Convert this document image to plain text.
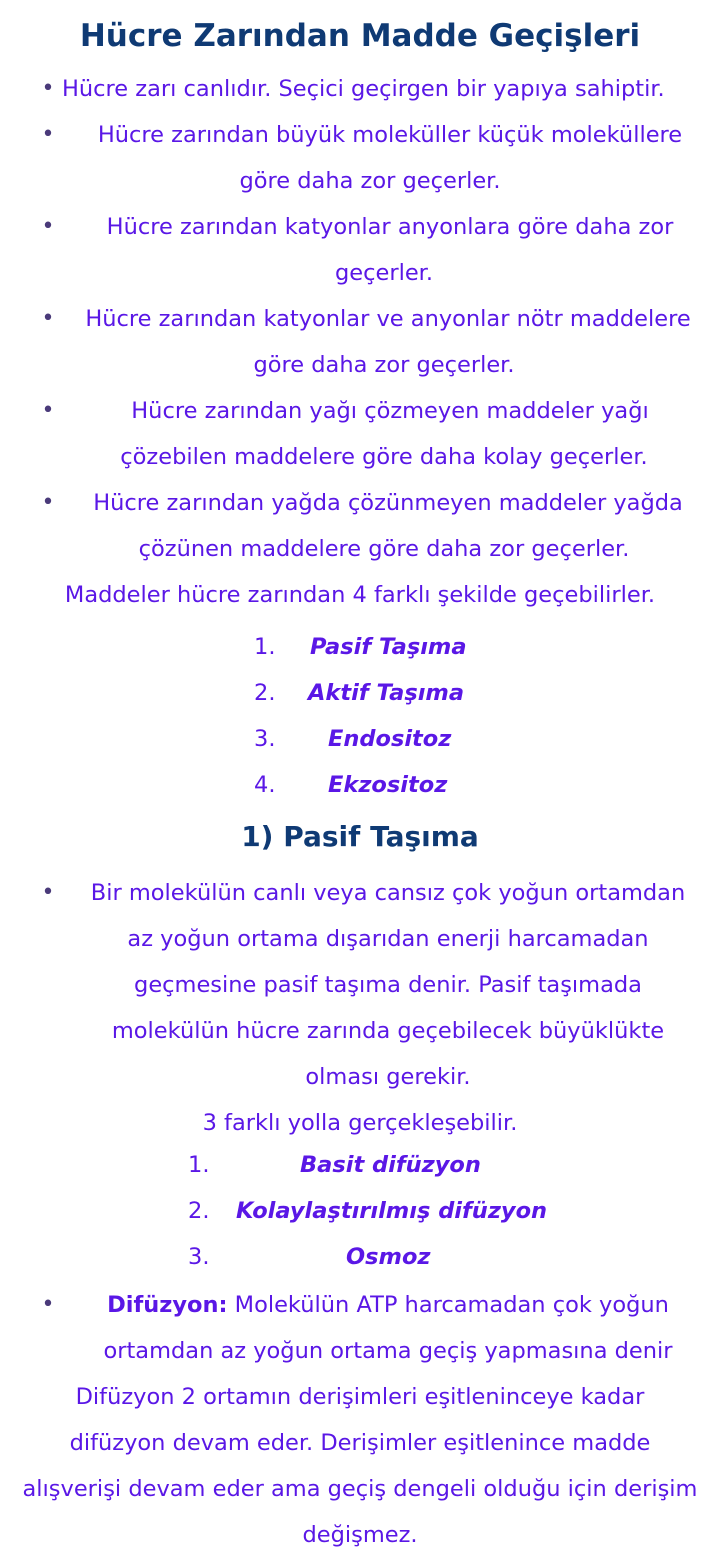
Hücre Zarından Madde Geçişleri
• Hücre zarı canlıdır. Seçici geçirgen bir yapıya sahiptir.
•	Hücre zarından büyük moleküller küçük moleküllere
göre daha zor geçerler.
•	Hücre zarından katyonlar anyonlara göre daha zor
geçerler.
•	Hücre zarından katyonlar ve anyonlar nötr maddelere
göre daha zor geçerler.
•	Hücre zarından yağı çözmeyen maddeler yağı
çözebilen maddelere göre daha kolay geçerler.
•	Hücre zarından yağda çözünmeyen maddeler yağda
çözünen maddelere göre daha zor geçerler.
Maddeler hücre zarından 4 farklı şekilde geçebilirler.
1. Pasif Taşıma
2. Aktif Taşıma
3. Endositoz
4. Ekzositoz
1) Pasif Taşıma
•	Bir molekülün canlı veya cansız çok yoğun ortamdan
az yoğun ortama dışarıdan enerji harcamadan
geçmesine pasif taşıma denir. Pasif taşımada
molekülün hücre zarında geçebilecek büyüklükte
olması gerekir.
3 farklı yolla gerçekleşebilir.
1.	Basit difüzyon
2. Kolaylaştırılmış difüzyon
3.	Osmoz
•	Difüzyon: Molekülün ATP harcamadan çok yoğun
ortamdan az yoğun ortama geçiş yapmasına denir
Difüzyon 2 ortamın derişimleri eşitleninceye kadar
difüzyon devam eder. Derişimler eşitlenince madde
alışverişi devam eder ama geçiş dengeli olduğu için derişim
değişmez.
